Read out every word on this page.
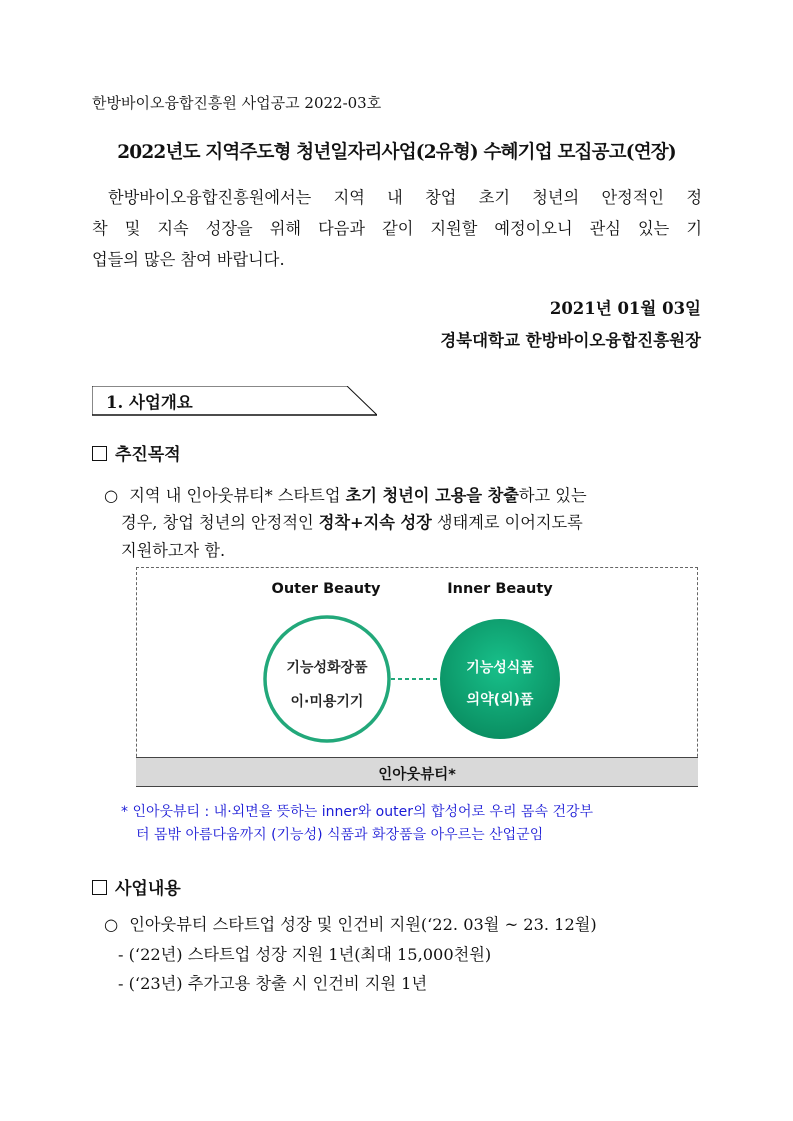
한방바이오융합진흥원 사업공고 2022-03호
2022년도 지역주도형 청년일자리사업(2유형) 수혜기업 모집공고(연장)
한방바이오융합진흥원에서는 지역 내 창업 초기 청년의 안정적인 정
착 및 지속 성장을 위해 다음과 같이 지원할 예정이오니 관심 있는 기
업들의 많은 참여 바랍니다.
2021년 01월 03일
경북대학교 한방바이오융합진흥원장
1. 사업개요
추진목적
○ 지역 내 인아웃뷰티* 스타트업 초기 청년이 고용을 창출하고 있는
경우, 창업 청년의 안정적인 정착+지속 성장 생태계로 이어지도록
지원하고자 함.
Outer Beauty	Inner Beauty
기능성화장품
이·미용기기
기능성식품
의약(외)품
인아웃뷰티*
* 인아웃뷰티 : 내·외면을 뜻하는 inner와 outer의 합성어로 우리 몸속 건강부
터 몸밖 아름다움까지 (기능성) 식품과 화장품을 아우르는 산업군임
사업내용
○ 인아웃뷰티 스타트업 성장 및 인건비 지원(‘22. 03월 ~ 23. 12월)
- (‘22년) 스타트업 성장 지원 1년(최대 15,000천원)
- (‘23년) 추가고용 창출 시 인건비 지원 1년
